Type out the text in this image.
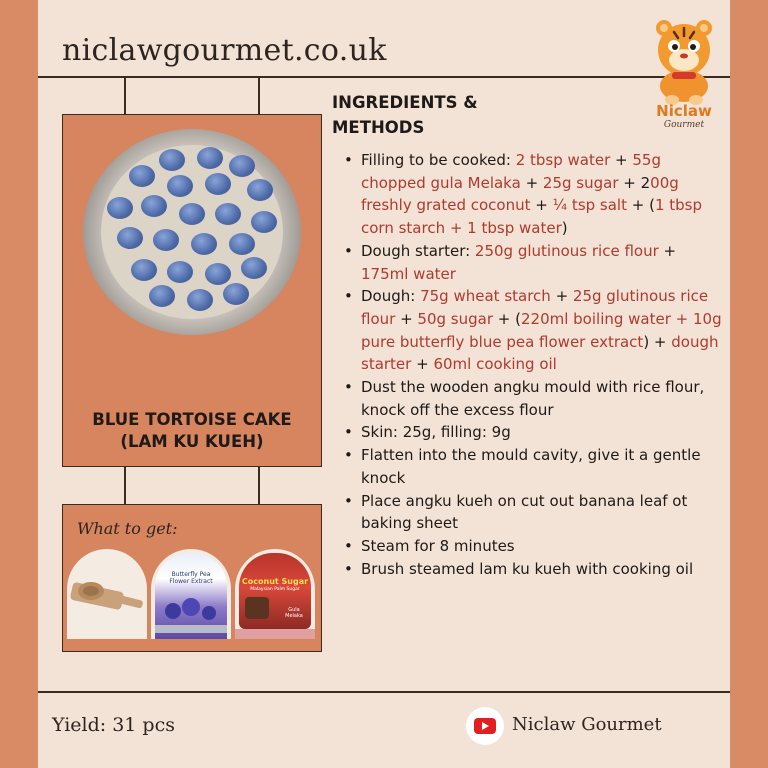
niclawgourmet.co.uk
BLUE TORTOISE CAKE
(LAM KU KUEH)
What to get:
Butterfly Pea
Flower Extract	Coconut Sugar
Malaysian Palm Sugar
Gula Melaka
INGREDIENTS &
METHODS
• Filling to be cooked: 2 tbsp water + 55g chopped gula Melaka + 25g sugar + 200g freshly grated coconut + ¼ tsp salt + (1 tbsp corn starch + 1 tbsp water)
• Dough starter: 250g glutinous rice flour + 175ml water
• Dough: 75g wheat starch + 25g glutinous rice flour + 50g sugar + (220ml boiling water + 10g pure butterfly blue pea flower extract) + dough starter + 60ml cooking oil
• Dust the wooden angku mould with rice flour, knock off the excess flour
• Skin: 25g, filling: 9g
• Flatten into the mould cavity, give it a gentle knock
• Place angku kueh on cut out banana leaf ot baking sheet
• Steam for 8 minutes
• Brush steamed lam ku kueh with cooking oil
Niclaw
Gourmet
Yield: 31 pcs	Niclaw Gourmet
